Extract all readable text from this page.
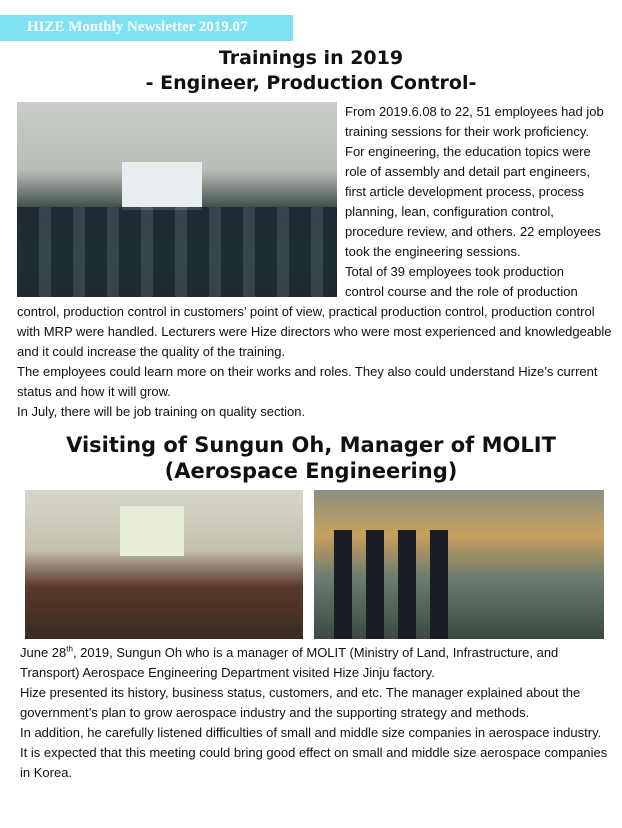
HIZE Monthly Newsletter 2019.07
Trainings in 2019
- Engineer, Production Control-
From 2019.6.08 to 22, 51 employees had job training sessions for their work proficiency.
For engineering, the education topics were role of assembly and detail part engineers, first article development process, process planning, lean, configuration control, procedure review, and others. 22 employees took the engineering sessions.
Total of 39 employees took production
control course and the role of production control, production control in customers’ point of view, practical production control, production control with MRP were handled. Lecturers were Hize directors who were most experienced and knowledgeable and it could increase the quality of the training.
The employees could learn more on their works and roles. They also could understand Hize’s current status and how it will grow.
In July, there will be job training on quality section.
Visiting of Sungun Oh, Manager of MOLIT
(Aerospace Engineering)
June 28th, 2019, Sungun Oh who is a manager of MOLIT (Ministry of Land, Infrastructure, and Transport) Aerospace Engineering Department visited Hize Jinju factory.
Hize presented its history, business status, customers, and etc. The manager explained about the government’s plan to grow aerospace industry and the supporting strategy and methods.
In addition, he carefully listened difficulties of small and middle size companies in aerospace industry.
It is expected that this meeting could bring good effect on small and middle size aerospace companies in Korea.
